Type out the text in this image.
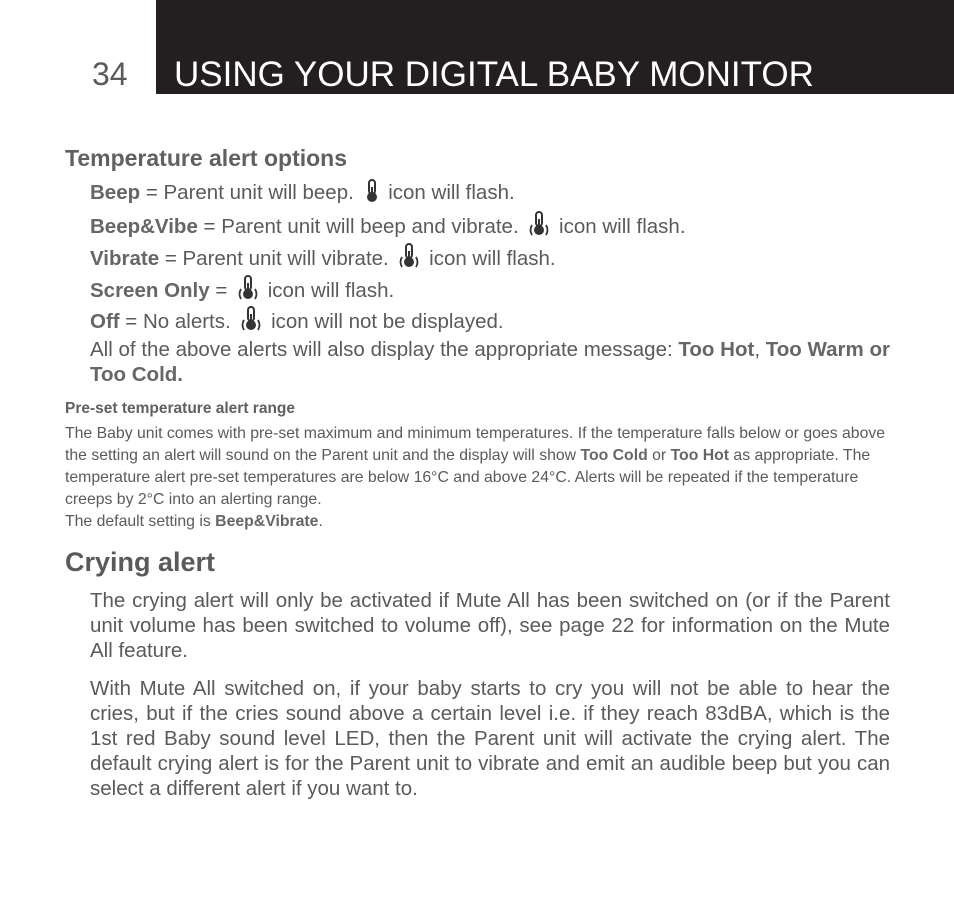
34 USING YOUR DIGITAL BABY MONITOR
Temperature alert options
Beep = Parent unit will beep.  icon will flash.
Beep&Vibe = Parent unit will beep and vibrate.  icon will flash.
Vibrate = Parent unit will vibrate.  icon will flash.
Screen Only =  icon will flash.
Off = No alerts.  icon will not be displayed.
All of the above alerts will also display the appropriate message: Too Hot, Too Warm or Too Cold.
Pre-set temperature alert range
The Baby unit comes with pre-set maximum and minimum temperatures. If the temperature falls below or goes above the setting an alert will sound on the Parent unit and the display will show Too Cold or Too Hot as appropriate. The temperature alert pre-set temperatures are below 16°C and above 24°C. Alerts will be repeated if the temperature creeps by 2°C into an alerting range.
The default setting is Beep&Vibrate.
Crying alert
The crying alert will only be activated if Mute All has been switched on (or if the Parent unit volume has been switched to volume off), see page 22 for information on the Mute All feature.
With Mute All switched on, if your baby starts to cry you will not be able to hear the cries, but if the cries sound above a certain level i.e. if they reach 83dBA, which is the 1st red Baby sound level LED, then the Parent unit will activate the crying alert. The default crying alert is for the Parent unit to vibrate and emit an audible beep but you can select a different alert if you want to.
